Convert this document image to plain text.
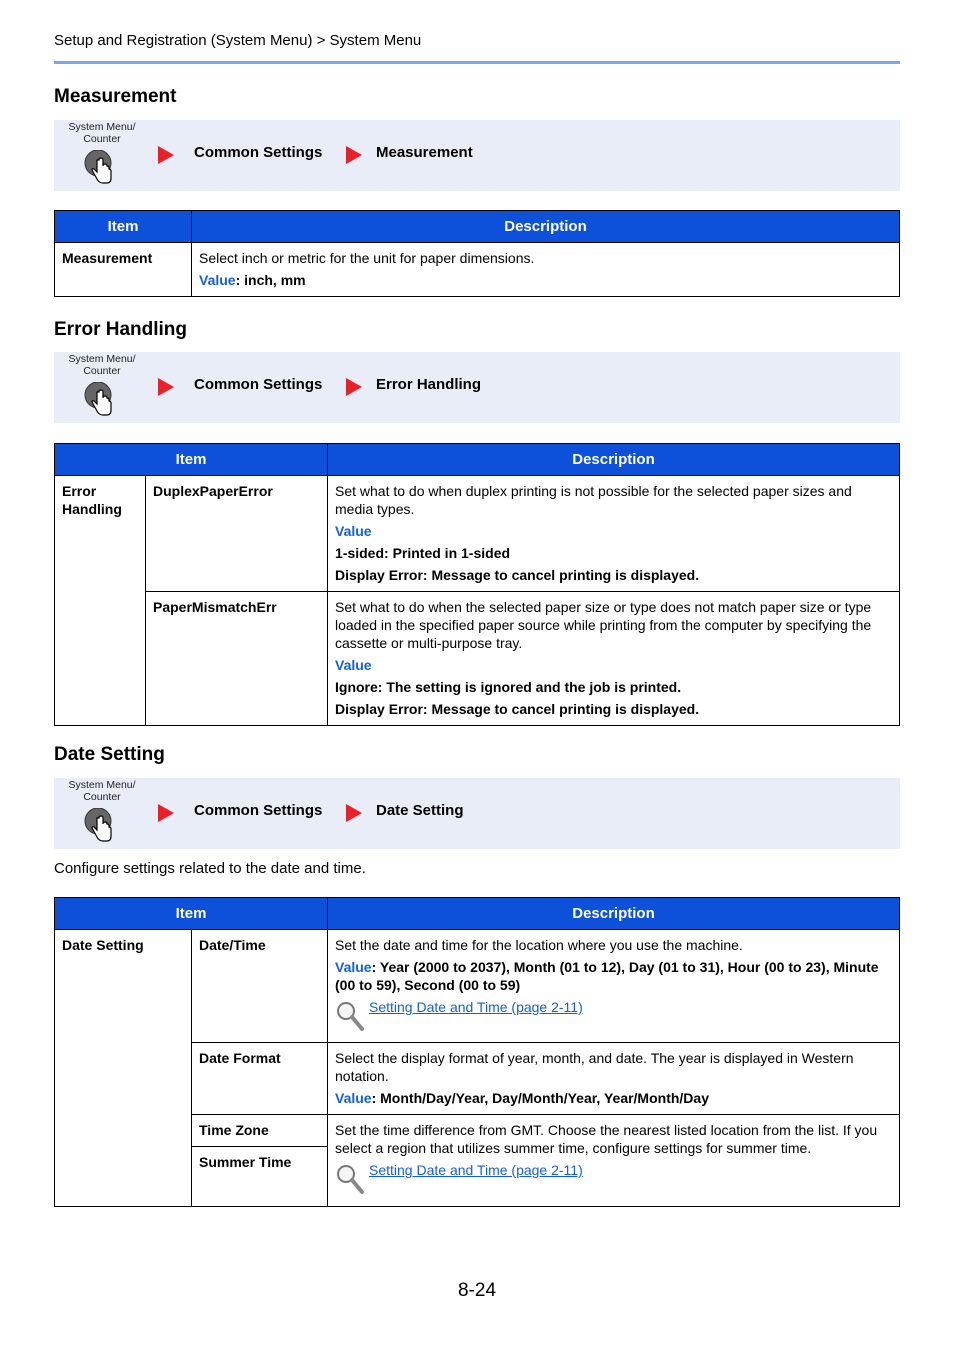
Setup and Registration (System Menu) > System Menu
Measurement
System Menu/ Counter
Common Settings	Measurement
Item	Description
Measurement	Select inch or metric for the unit for paper dimensions.

Value: inch, mm

Error Handling
System Menu/ Counter
Common Settings	Error Handling
Item		Description
Error Handling	DuplexPaperError	Set what to do when duplex printing is not possible for the selected paper sizes and media types.

Value

1-sided: Printed in 1-sided

Display Error: Message to cancel printing is displayed.

	PaperMismatchErr	Set what to do when the selected paper size or type does not match paper size or type loaded in the specified paper source while printing from the computer by specifying the cassette or multi-purpose tray.

Value

Ignore: The setting is ignored and the job is printed.

Display Error: Message to cancel printing is displayed.

Date Setting
System Menu/ Counter
Common Settings	Date Setting
Configure settings related to the date and time.
Item		Description
Date Setting	Date/Time	Set the date and time for the location where you use the machine.

Value: Year (2000 to 2037), Month (01 to 12), Day (01 to 31), Hour (00 to 23), Minute (00 to 59), Second (00 to 59)

Setting Date and Time (page 2-11)

	Date Format	Select the display format of year, month, and date. The year is displayed in Western notation.

Value: Month/Day/Year, Day/Month/Year, Year/Month/Day

	Time Zone	Set the time difference from GMT. Choose the nearest listed location from the list. If you select a region that utilizes summer time, configure settings for summer time.

Setting Date and Time (page 2-11)

	Summer Time	
8-24
